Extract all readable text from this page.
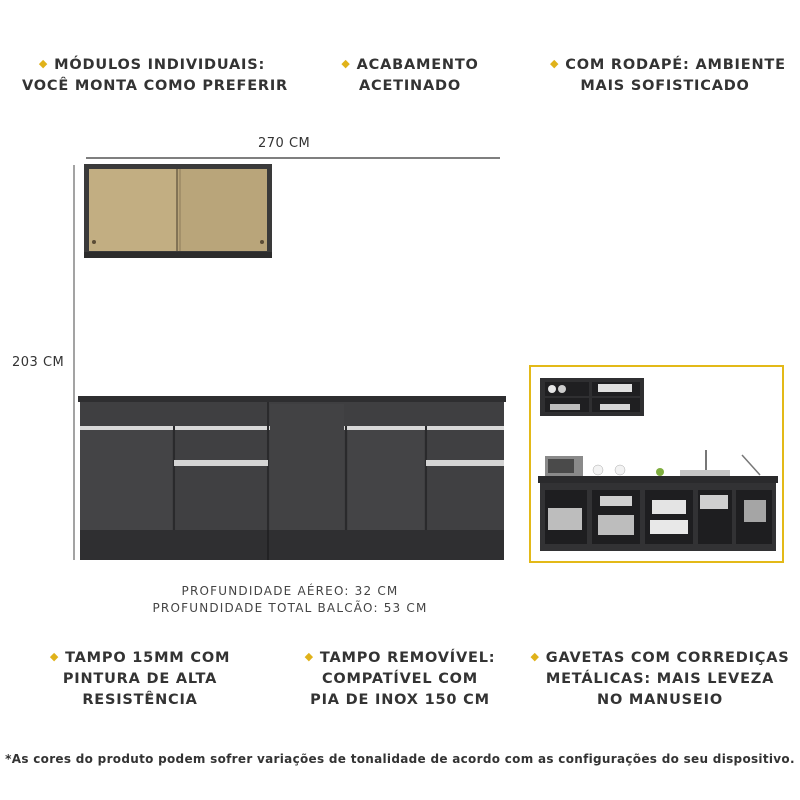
◆ MÓDULOS INDIVIDUAIS:
VOCÊ MONTA COMO PREFERIR
◆ ACABAMENTO
ACETINADO
◆ COM RODAPÉ: AMBIENTE
MAIS SOFISTICADO
270 CM
203 CM
PROFUNDIDADE AÉREO: 32 CM
PROFUNDIDADE TOTAL BALCÃO: 53 CM
◆ TAMPO 15MM COM
PINTURA DE ALTA
RESISTÊNCIA
◆ TAMPO REMOVÍVEL:
COMPATÍVEL COM
PIA DE INOX 150 CM
◆ GAVETAS COM CORREDIÇAS
METÁLICAS: MAIS LEVEZA
NO MANUSEIO
*As cores do produto podem sofrer variações de tonalidade de acordo com as configurações do seu dispositivo.
